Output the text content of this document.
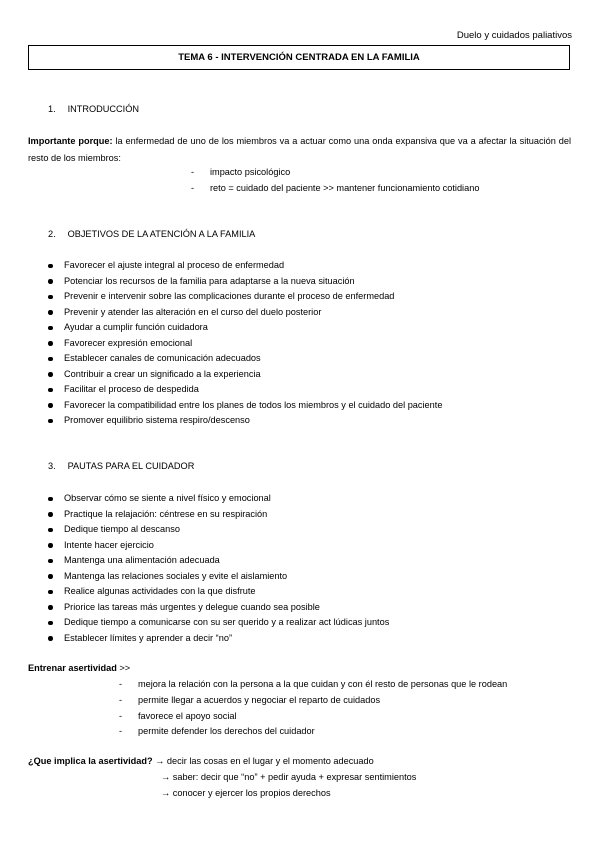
Duelo y cuidados paliativos
TEMA 6 - INTERVENCIÓN CENTRADA EN LA FAMILIA
1. INTRODUCCIÓN
Importante porque: la enfermedad de uno de los miembros va a actuar como una onda expansiva que va a afectar la situación del resto de los miembros:
- impacto psicológico
- reto = cuidado del paciente >> mantener funcionamiento cotidiano
2. OBJETIVOS DE LA ATENCIÓN A LA FAMILIA
Favorecer el ajuste integral al proceso de enfermedad
Potenciar los recursos de la familia para adaptarse a la nueva situación
Prevenir e intervenir sobre las complicaciones durante el proceso de enfermedad
Prevenir y atender las alteración en el curso del duelo posterior
Ayudar a cumplir función cuidadora
Favorecer expresión emocional
Establecer canales de comunicación adecuados
Contribuir a crear un significado a la experiencia
Facilitar el proceso de despedida
Favorecer la compatibilidad entre los planes de todos los miembros y el cuidado del paciente
Promover equilibrio sistema respiro/descenso
3. PAUTAS PARA EL CUIDADOR
Observar cómo se siente a nivel físico y emocional
Practique la relajación: céntrese en su respiración
Dedique tiempo al descanso
Intente hacer ejercicio
Mantenga una alimentación adecuada
Mantenga las relaciones sociales y evite el aislamiento
Realice algunas actividades con la que disfrute
Priorice las tareas más urgentes y delegue cuando sea posible
Dedique tiempo a comunicarse con su ser querido y a realizar act lúdicas juntos
Establecer límites y aprender a decir “no”
Entrenar asertividad >>
- mejora la relación con la persona a la que cuidan y con él resto de personas que le rodean
- permite llegar a acuerdos y negociar el reparto de cuidados
- favorece el apoyo social
- permite defender los derechos del cuidador
¿Que implica la asertividad? → decir las cosas en el lugar y el momento adecuado
→ saber: decir que “no” + pedir ayuda + expresar sentimientos
→ conocer y ejercer los propios derechos
